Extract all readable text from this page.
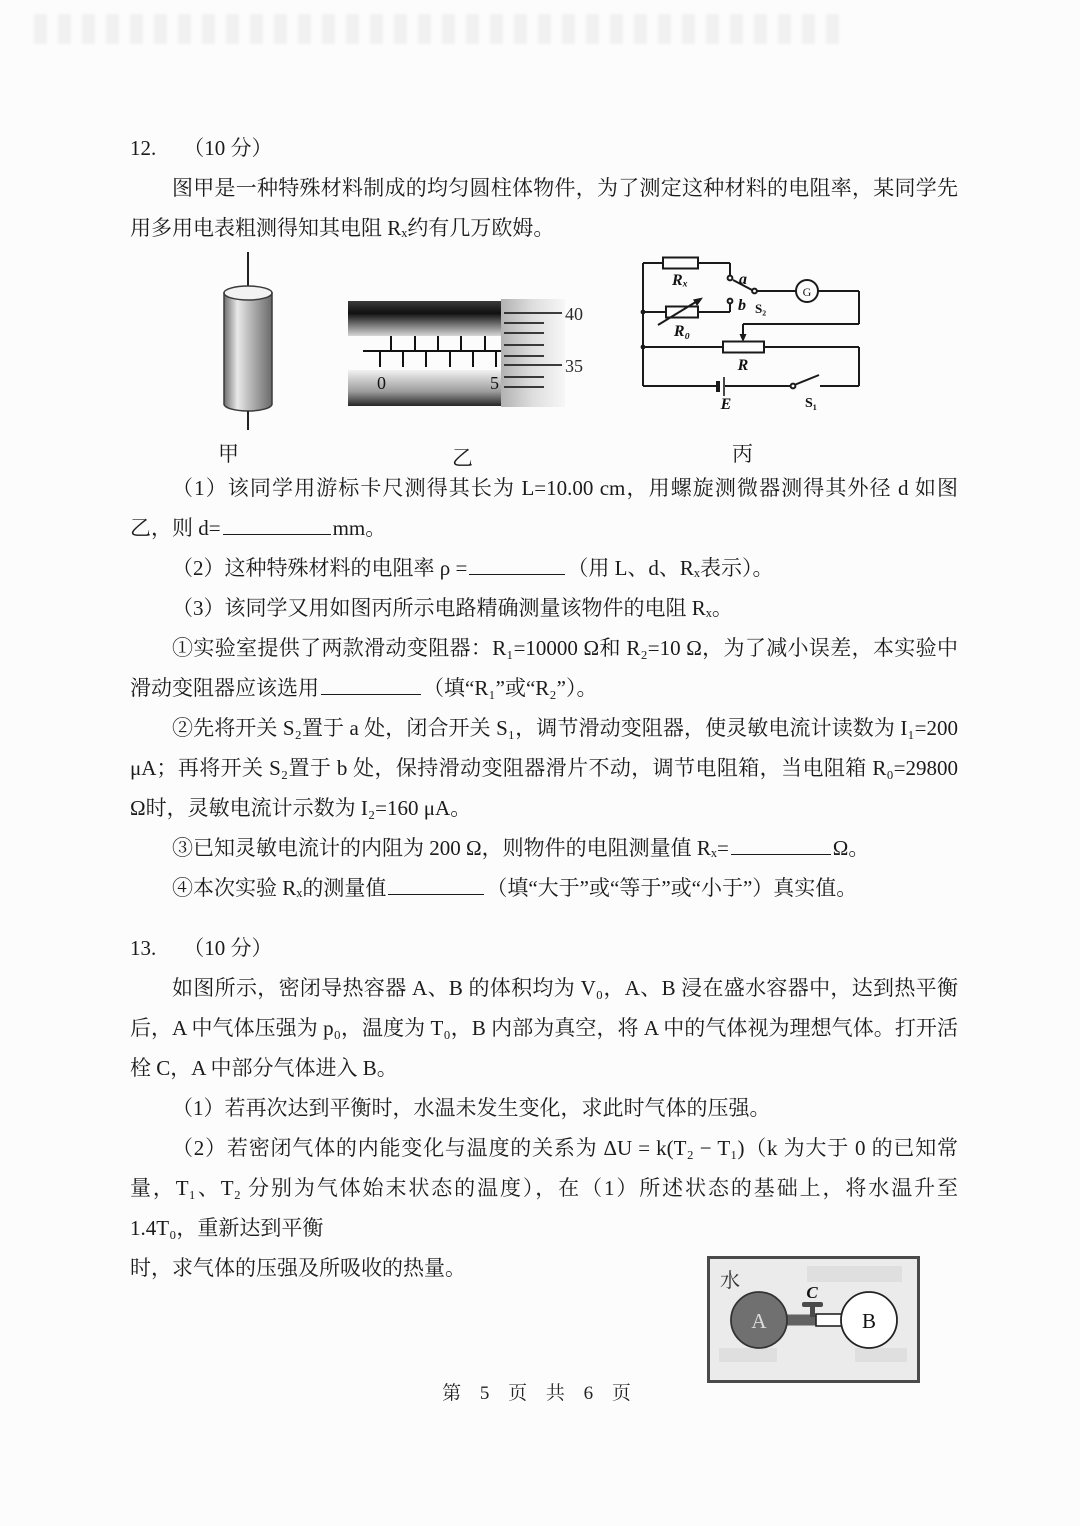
12. （10 分）

图甲是一种特殊材料制成的均匀圆柱体物件，为了测定这种材料的电阻率，某同学先用多用电表粗测得知其电阻 Rₓ约有几万欧姆。

0	5
40
35
Rₓ	a
b S₂
G
R₀
R
E	S₁
甲	乙	丙

（1）该同学用游标卡尺测得其长为 L=10.00 cm，用螺旋测微器测得其外径 d 如图乙，则 d=	mm。

（2）这种特殊材料的电阻率 ρ =	（用 L、d、Rₓ表示）。

（3）该同学又用如图丙所示电路精确测量该物件的电阻 Rₓ。

①实验室提供了两款滑动变阻器：R₁=10000 Ω和 R₂=10 Ω，为了减小误差，本实验中滑动变阻器应该选用	（填“R₁”或“R₂”）。

②先将开关 S₂置于 a 处，闭合开关 S₁，调节滑动变阻器，使灵敏电流计读数为 I₁=200 μA；再将开关 S₂置于 b 处，保持滑动变阻器滑片不动，调节电阻箱，当电阻箱 R₀=29800 Ω时，灵敏电流计示数为 I₂=160 μA。

③已知灵敏电流计的内阻为 200 Ω，则物件的电阻测量值 Rₓ=	Ω。

④本次实验 Rₓ的测量值	（填“大于”或“等于”或“小于”）真实值。

13. （10 分）

如图所示，密闭导热容器 A、B 的体积均为 V₀，A、B 浸在盛水容器中，达到热平衡后，A 中气体压强为 p₀，温度为 T₀，B 内部为真空，将 A 中的气体视为理想气体。打开活栓 C，A 中部分气体进入 B。

（1）若再次达到平衡时，水温未发生变化，求此时气体的压强。

（2）若密闭气体的内能变化与温度的关系为 ΔU = k(T₂ − T₁)（k 为大于 0 的已知常量，T₁、T₂ 分别为气体始末状态的温度），在（1）所述状态的基础上，将水温升至 1.4T₀，重新达到平衡

时，求气体的压强及所吸收的热量。

水
C
A	B
第 5 页 共 6 页
